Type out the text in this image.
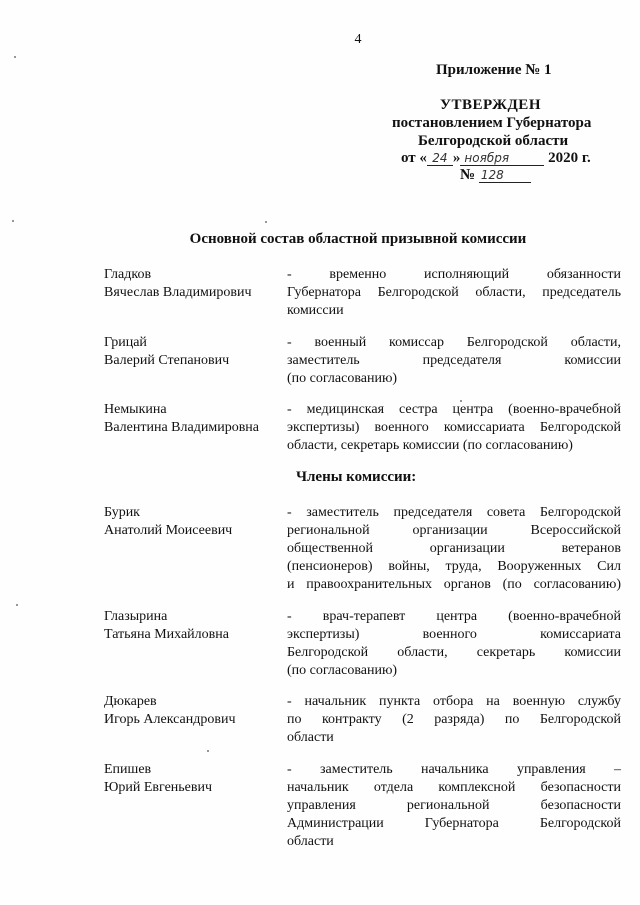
4
Приложение № 1
УТВЕРЖДЕН
постановлением Губернатора
Белгородской области
от « 24 » ноября	2020 г.
№ 128
Основной состав областной призывной комиссии
Гладков
Вячеслав Владимирович
- временно исполняющий обязанности
Губернатора Белгородской области, председатель
комиссии
Грицай
Валерий Степанович
- военный комиссар Белгородской области,
заместитель председателя комиссии
(по согласованию)
Немыкина
Валентина Владимировна
- медицинская сестра центра (военно-врачебной
экспертизы) военного комиссариата Белгородской
области, секретарь комиссии (по согласованию)
Члены комиссии:
Бурик
Анатолий Моисеевич
- заместитель председателя совета Белгородской
региональной организации Всероссийской
общественной организации ветеранов
(пенсионеров) войны, труда, Вооруженных Сил
и правоохранительных органов (по согласованию)
Глазырина
Татьяна Михайловна
- врач-терапевт центра (военно-врачебной
экспертизы) военного комиссариата
Белгородской области, секретарь комиссии
(по согласованию)
Дюкарев
Игорь Александрович
- начальник пункта отбора на военную службу
по контракту (2 разряда) по Белгородской
области
Епишев
Юрий Евгеньевич
- заместитель начальника управления –
начальник отдела комплексной безопасности
управления региональной безопасности
Администрации Губернатора Белгородской
области
